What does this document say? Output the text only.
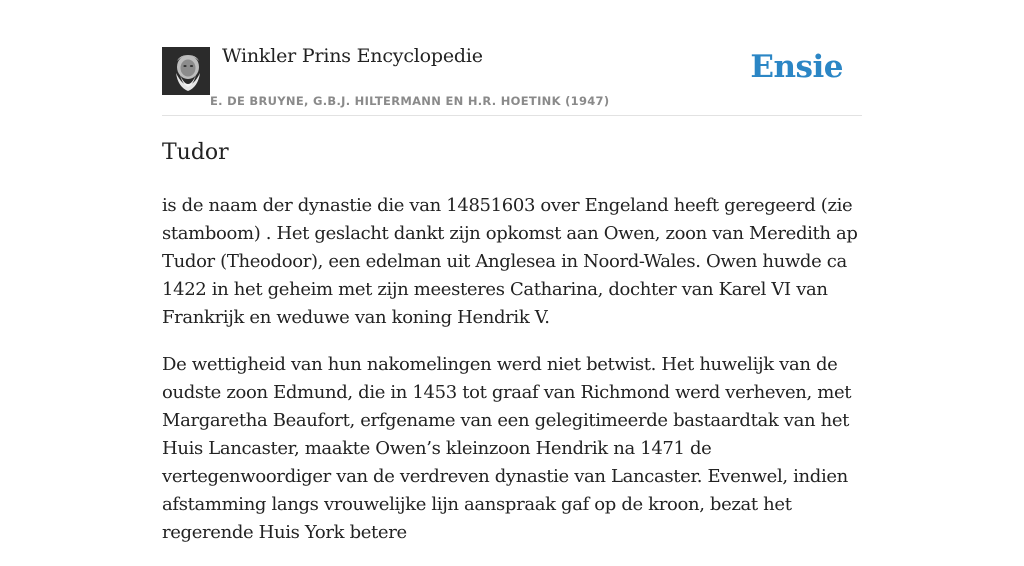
Winkler Prins Encyclopedie
E. DE BRUYNE, G.B.J. HILTERMANN EN H.R. HOETINK (1947)
Ensie
Tudor

is de naam der dynastie die van 14851603 over Engeland heeft geregeerd (zie stamboom) . Het geslacht dankt zijn opkomst aan Owen, zoon van Meredith ap Tudor (Theodoor), een edelman uit Anglesea in Noord-Wales. Owen huwde ca 1422 in het geheim met zijn meesteres Catharina, dochter van Karel VI van Frankrijk en weduwe van koning Hendrik V.

De wettigheid van hun nakomelingen werd niet betwist. Het huwelijk van de oudste zoon Edmund, die in 1453 tot graaf van Richmond werd verheven, met Margaretha Beaufort, erfgename van een gelegitimeerde bastaardtak van het Huis Lancaster, maakte Owen’s kleinzoon Hendrik na 1471 de vertegenwoordiger van de verdreven dynastie van Lancaster. Evenwel, indien afstamming langs vrouwelijke lijn aanspraak gaf op de kroon, bezat het regerende Huis York betere
